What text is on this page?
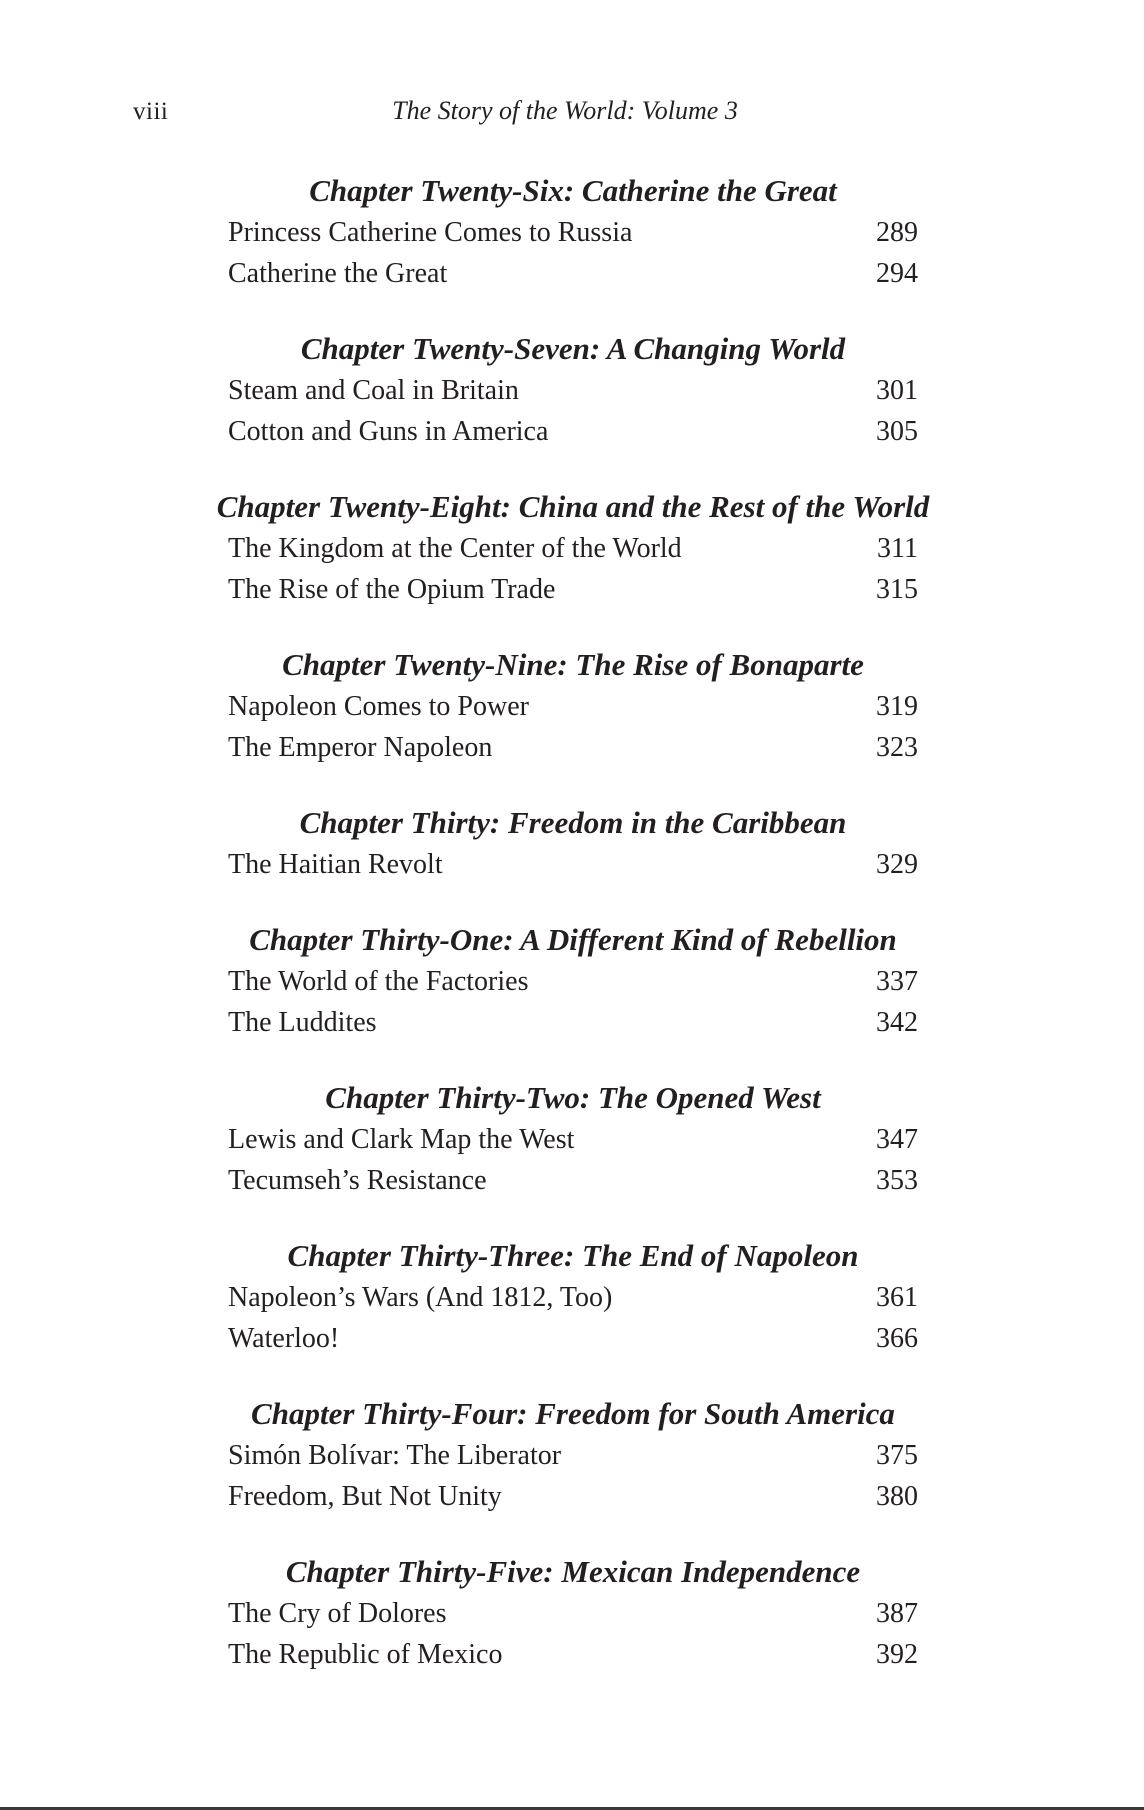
viii	The Story of the World: Volume 3
Chapter Twenty-Six: Catherine the Great
Princess Catherine Comes to Russia	289
Catherine the Great	294
Chapter Twenty-Seven: A Changing World
Steam and Coal in Britain	301
Cotton and Guns in America	305
Chapter Twenty-Eight: China and the Rest of the World
The Kingdom at the Center of the World	311
The Rise of the Opium Trade	315
Chapter Twenty-Nine: The Rise of Bonaparte
Napoleon Comes to Power	319
The Emperor Napoleon	323
Chapter Thirty: Freedom in the Caribbean
The Haitian Revolt	329
Chapter Thirty-One: A Different Kind of Rebellion
The World of the Factories	337
The Luddites	342
Chapter Thirty-Two: The Opened West
Lewis and Clark Map the West	347
Tecumseh’s Resistance	353
Chapter Thirty-Three: The End of Napoleon
Napoleon’s Wars (And 1812, Too)	361
Waterloo!	366
Chapter Thirty-Four: Freedom for South America
Simón Bolívar: The Liberator	375
Freedom, But Not Unity	380
Chapter Thirty-Five: Mexican Independence
The Cry of Dolores	387
The Republic of Mexico	392
